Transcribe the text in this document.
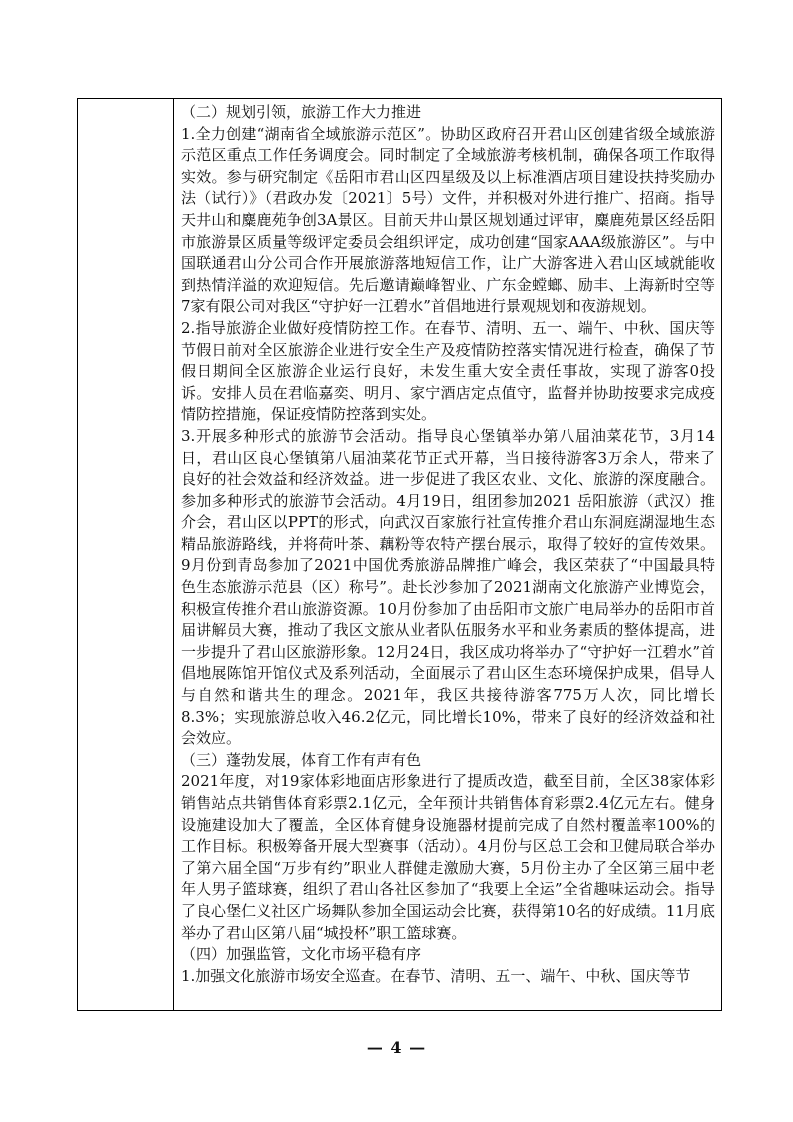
（二）规划引领，旅游工作大力推进

1.全力创建“湖南省全域旅游示范区”。协助区政府召开君山区创建省级全域旅游示范区重点工作任务调度会。同时制定了全域旅游考核机制，确保各项工作取得实效。参与研究制定《岳阳市君山区四星级及以上标准酒店项目建设扶持奖励办法（试行）》（君政办发〔2021〕5号）文件，并积极对外进行推广、招商。指导天井山和麋鹿苑争创3A景区。目前天井山景区规划通过评审，麋鹿苑景区经岳阳市旅游景区质量等级评定委员会组织评定，成功创建“国家AAA级旅游区”。与中国联通君山分公司合作开展旅游落地短信工作，让广大游客进入君山区域就能收到热情洋溢的欢迎短信。先后邀请巅峰智业、广东金螳螂、励丰、上海新时空等7家有限公司对我区“守护好一江碧水”首倡地进行景观规划和夜游规划。

2.指导旅游企业做好疫情防控工作。在春节、清明、五一、端午、中秋、国庆等节假日前对全区旅游企业进行安全生产及疫情防控落实情况进行检查，确保了节假日期间全区旅游企业运行良好，未发生重大安全责任事故，实现了游客0投诉。安排人员在君临嘉奕、明月、家宁酒店定点值守，监督并协助按要求完成疫情防控措施，保证疫情防控落到实处。

3.开展多种形式的旅游节会活动。指导良心堡镇举办第八届油菜花节，3月14日，君山区良心堡镇第八届油菜花节正式开幕，当日接待游客3万余人，带来了良好的社会效益和经济效益。进一步促进了我区农业、文化、旅游的深度融合。参加多种形式的旅游节会活动。4月19日，组团参加2021 岳阳旅游（武汉）推介会，君山区以PPT的形式，向武汉百家旅行社宣传推介君山东洞庭湖湿地生态精品旅游路线，并将荷叶茶、藕粉等农特产摆台展示，取得了较好的宣传效果。9月份到青岛参加了2021中国优秀旅游品牌推广峰会，我区荣获了“中国最具特色生态旅游示范县（区）称号”。赴长沙参加了2021湖南文化旅游产业博览会，积极宣传推介君山旅游资源。10月份参加了由岳阳市文旅广电局举办的岳阳市首届讲解员大赛，推动了我区文旅从业者队伍服务水平和业务素质的整体提高，进一步提升了君山区旅游形象。12月24日，我区成功将举办了“守护好一江碧水”首倡地展陈馆开馆仪式及系列活动，全面展示了君山区生态环境保护成果，倡导人与自然和谐共生的理念。2021年，我区共接待游客775万人次，同比增长8.3%；实现旅游总收入46.2亿元，同比增长10%，带来了良好的经济效益和社会效应。

（三）蓬勃发展，体育工作有声有色

2021年度，对19家体彩地面店形象进行了提质改造，截至目前，全区38家体彩销售站点共销售体育彩票2.1亿元，全年预计共销售体育彩票2.4亿元左右。健身设施建设加大了覆盖，全区体育健身设施器材提前完成了自然村覆盖率100%的工作目标。积极筹备开展大型赛事（活动）。4月份与区总工会和卫健局联合举办了第六届全国“万步有约”职业人群健走激励大赛，5月份主办了全区第三届中老年人男子篮球赛，组织了君山各社区参加了“我要上全运”全省趣味运动会。指导了良心堡仁义社区广场舞队参加全国运动会比赛，获得第10名的好成绩。11月底举办了君山区第八届“城投杯”职工篮球赛。

（四）加强监管，文化市场平稳有序

1.加强文化旅游市场安全巡查。在春节、清明、五一、端午、中秋、国庆等节

— 4 —
